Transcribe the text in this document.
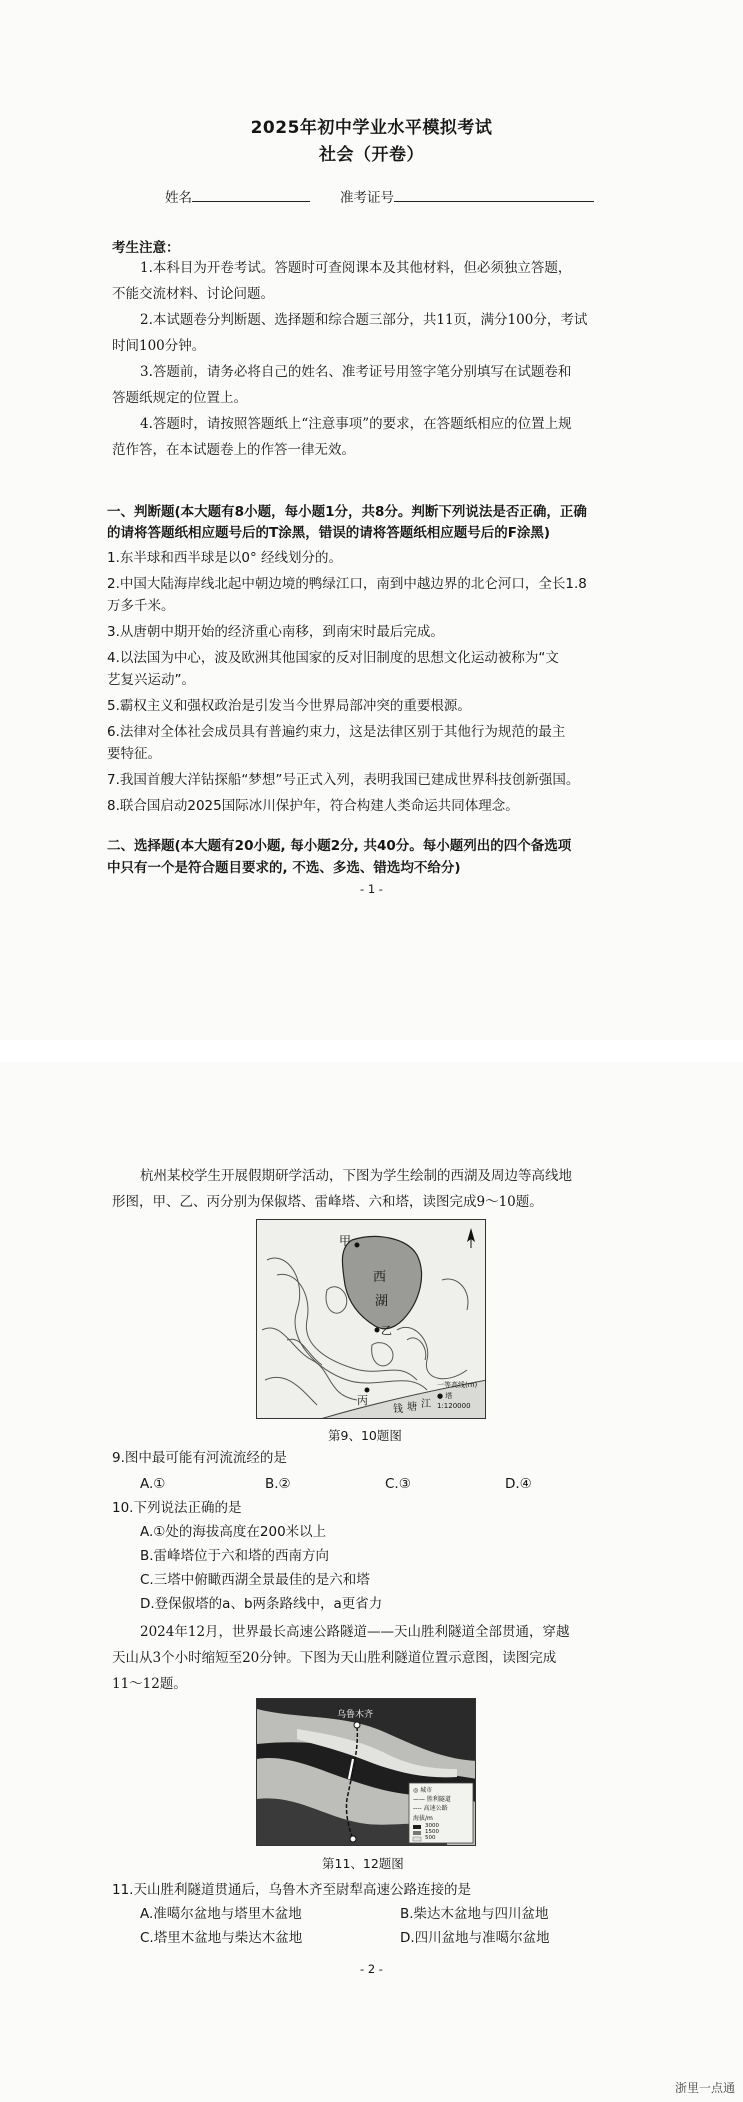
2025年初中学业水平模拟考试
社会（开卷）
姓名	准考证号
考生注意：
1.本科目为开卷考试。答题时可查阅课本及其他材料，但必须独立答题，
不能交流材料、讨论问题。
2.本试题卷分判断题、选择题和综合题三部分，共11页，满分100分，考试
时间100分钟。
3.答题前，请务必将自己的姓名、准考证号用签字笔分别填写在试题卷和
答题纸规定的位置上。
4.答题时，请按照答题纸上“注意事项”的要求，在答题纸相应的位置上规
范作答，在本试题卷上的作答一律无效。
一、判断题(本大题有8小题，每小题1分，共8分。判断下列说法是否正确，正确
的请将答题纸相应题号后的T涂黑，错误的请将答题纸相应题号后的F涂黑)
1.东半球和西半球是以0° 经线划分的。
2.中国大陆海岸线北起中朝边境的鸭绿江口，南到中越边界的北仑河口，全长1.8
万多千米。
3.从唐朝中期开始的经济重心南移，到南宋时最后完成。
4.以法国为中心，波及欧洲其他国家的反对旧制度的思想文化运动被称为“文
艺复兴运动”。
5.霸权主义和强权政治是引发当今世界局部冲突的重要根源。
6.法律对全体社会成员具有普遍约束力，这是法律区别于其他行为规范的最主
要特征。
7.我国首艘大洋钻探船“梦想”号正式入列，表明我国已建成世界科技创新强国。
8.联合国启动2025国际冰川保护年，符合构建人类命运共同体理念。
二、选择题(本大题有20小题, 每小题2分, 共40分。每小题列出的四个备选项
中只有一个是符合题目要求的, 不选、多选、错选均不给分)
- 1 -
杭州某校学生开展假期研学活动，下图为学生绘制的西湖及周边等高线地
形图，甲、乙、丙分别为保俶塔、雷峰塔、六和塔，读图完成9～10题。
甲
西
湖
乙
丙
钱 塘 江
一等高线(m)
● 塔
1:120000
第9、10题图
9.图中最可能有河流流经的是
A.①	B.②	C.③	D.④
10.下列说法正确的是
A.①处的海拔高度在200米以上
B.雷峰塔位于六和塔的西南方向
C.三塔中俯瞰西湖全景最佳的是六和塔
D.登保俶塔的a、b两条路线中，a更省力
2024年12月，世界最长高速公路隧道——天山胜利隧道全部贯通，穿越
天山从3个小时缩短至20分钟。下图为天山胜利隧道位置示意图，读图完成
11～12题。
乌鲁木齐
◎ 城市
—— 胜利隧道
---- 高速公路
海拔/m
3000
1500
500
第11、12题图
11.天山胜利隧道贯通后，乌鲁木齐至尉犁高速公路连接的是
A.准噶尔盆地与塔里木盆地	B.柴达木盆地与四川盆地
C.塔里木盆地与柴达木盆地	D.四川盆地与准噶尔盆地
- 2 -
浙里一点通
